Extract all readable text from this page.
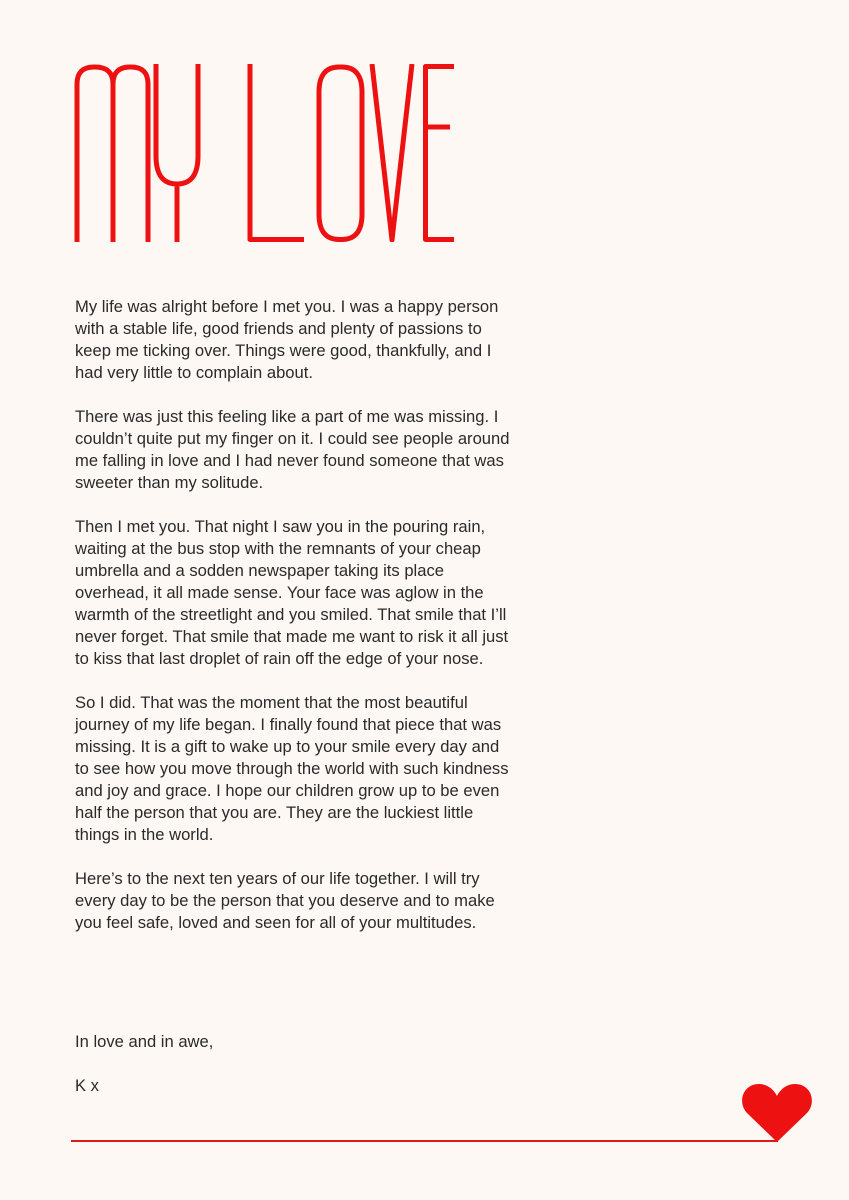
My life was alright before I met you. I was a happy person with a stable life, good friends and plenty of passions to keep me ticking over. Things were good, thankfully, and I had very little to complain about.

There was just this feeling like a part of me was missing. I couldn’t quite put my finger on it. I could see people around me falling in love and I had never found someone that was sweeter than my solitude.

Then I met you. That night I saw you in the pouring rain, waiting at the bus stop with the remnants of your cheap umbrella and a sodden newspaper taking its place overhead, it all made sense. Your face was aglow in the warmth of the streetlight and you smiled. That smile that I’ll never forget. That smile that made me want to risk it all just to kiss that last droplet of rain off the edge of your nose.

So I did. That was the moment that the most beautiful journey of my life began. I finally found that piece that was missing. It is a gift to wake up to your smile every day and to see how you move through the world with such kindness and joy and grace. I hope our children grow up to be even half the person that you are. They are the luckiest little things in the world.

Here’s to the next ten years of our life together. I will try every day to be the person that you deserve and to make you feel safe, loved and seen for all of your multitudes.

In love and in awe,

K x
